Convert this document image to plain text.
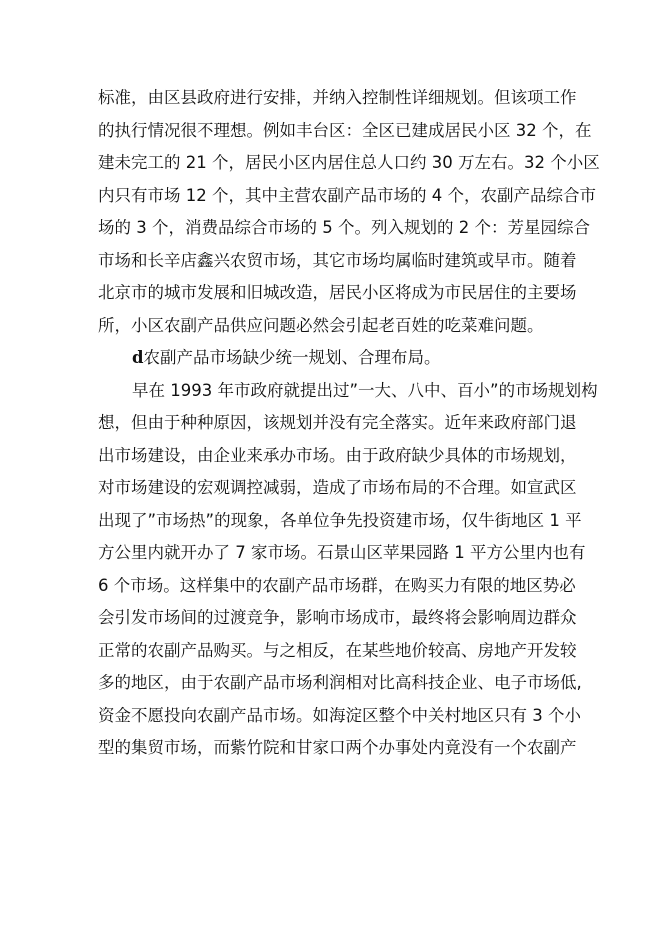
标准，由区县政府进行安排，并纳入控制性详细规划。但该项工作
的执行情况很不理想。例如丰台区：全区已建成居民小区 32 个，在
建未完工的 21 个，居民小区内居住总人口约 30 万左右。32 个小区
内只有市场 12 个，其中主营农副产品市场的 4 个，农副产品综合市
场的 3 个，消费品综合市场的 5 个。列入规划的 2 个：芳星园综合
市场和长辛店鑫兴农贸市场，其它市场均属临时建筑或早市。随着
北京市的城市发展和旧城改造，居民小区将成为市民居住的主要场
所，小区农副产品供应问题必然会引起老百姓的吃菜难问题。
d农副产品市场缺少统一规划、合理布局。
早在 1993 年市政府就提出过”一大、八中、百小”的市场规划构
想，但由于种种原因，该规划并没有完全落实。近年来政府部门退
出市场建设，由企业来承办市场。由于政府缺少具体的市场规划，
对市场建设的宏观调控减弱，造成了市场布局的不合理。如宣武区
出现了”市场热”的现象，各单位争先投资建市场，仅牛街地区 1 平
方公里内就开办了 7 家市场。石景山区苹果园路 1 平方公里内也有
6 个市场。这样集中的农副产品市场群，在购买力有限的地区势必
会引发市场间的过渡竞争，影响市场成市，最终将会影响周边群众
正常的农副产品购买。与之相反，在某些地价较高、房地产开发较
多的地区，由于农副产品市场利润相对比高科技企业、电子市场低,
资金不愿投向农副产品市场。如海淀区整个中关村地区只有 3 个小
型的集贸市场，而紫竹院和甘家口两个办事处内竟没有一个农副产
